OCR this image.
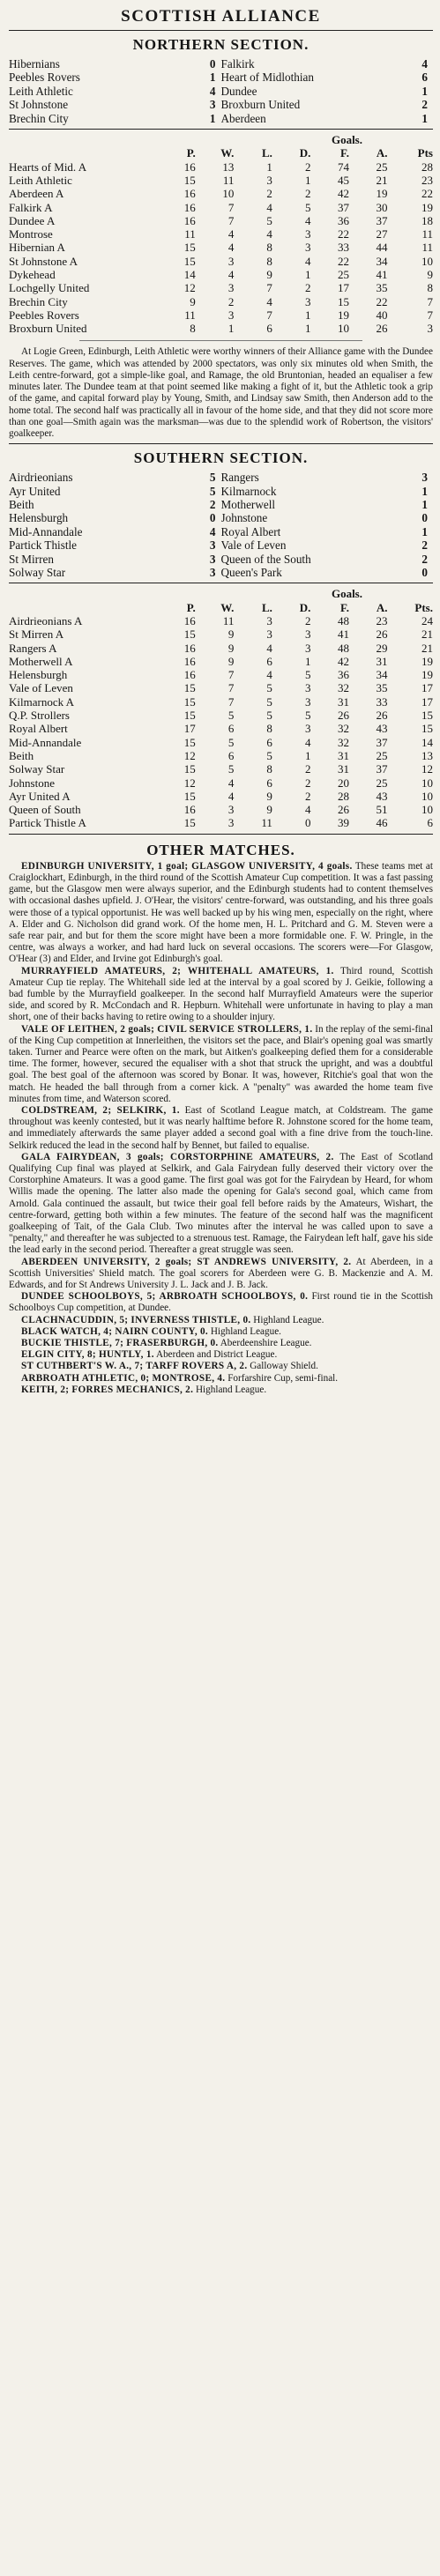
SCOTTISH ALLIANCE
NORTHERN SECTION.
Hibernians	0 Falkirk	4
Peebles Rovers	1 Heart of Midlothian	6
Leith Athletic	4 Dundee	1
St Johnstone	3 Broxburn United	2
Brechin City	1 Aberdeen	1
Goals.
P.	W.	L.	D.	F.	A.	Pts
Hearts of Mid. A	16	13	1	2	74	25	28
Leith Athletic	15	11	3	1	45	21	23
Aberdeen A	16	10	2	2	42	19	22
Falkirk A	16	7	4	5	37	30	19
Dundee A	16	7	5	4	36	37	18
Montrose	11	4	4	3	22	27	11
Hibernian A	15	4	8	3	33	44	11
St Johnstone A	15	3	8	4	22	34	10
Dykehead	14	4	9	1	25	41	9
Lochgelly United	12	3	7	2	17	35	8
Brechin City	9	2	4	3	15	22	7
Peebles Rovers	11	3	7	1	19	40	7
Broxburn United	8	1	6	1	10	26	3

At Logie Green, Edinburgh, Leith Athletic were worthy winners of their Alliance game with the Dundee Reserves. The game, which was attended by 2000 spectators, was only six minutes old when Smith, the Leith centre-forward, got a simple-like goal, and Ramage, the old Bruntonian, headed an equaliser a few minutes later. The Dundee team at that point seemed like making a fight of it, but the Athletic took a grip of the game, and capital forward play by Young, Smith, and Lindsay saw Smith, then Anderson add to the home total. The second half was practically all in favour of the home side, and that they did not score more than one goal—Smith again was the marksman—was due to the splendid work of Robertson, the visitors' goalkeeper.

SOUTHERN SECTION.
Airdrieonians	5 Rangers	3
Ayr United	5 Kilmarnock	1
Beith	2 Motherwell	1
Helensburgh	0 Johnstone	0
Mid-Annandale	4 Royal Albert	1
Partick Thistle	3 Vale of Leven	2
St Mirren	3 Queen of the South	2
Solway Star	3 Queen's Park	0
Goals.
P.	W.	L.	D.	F.	A.	Pts.
Airdrieonians A	16	11	3	2	48	23	24
St Mirren A	15	9	3	3	41	26	21
Rangers A	16	9	4	3	48	29	21
Motherwell A	16	9	6	1	42	31	19
Helensburgh	16	7	4	5	36	34	19
Vale of Leven	15	7	5	3	32	35	17
Kilmarnock A	15	7	5	3	31	33	17
Q.P. Strollers	15	5	5	5	26	26	15
Royal Albert	17	6	8	3	32	43	15
Mid-Annandale	15	5	6	4	32	37	14
Beith	12	6	5	1	31	25	13
Solway Star	15	5	8	2	31	37	12
Johnstone	12	4	6	2	20	25	10
Ayr United A	15	4	9	2	28	43	10
Queen of South	16	3	9	4	26	51	10
Partick Thistle A	15	3	11	0	39	46	6
OTHER MATCHES.

EDINBURGH UNIVERSITY, 1 goal; GLASGOW UNIVERSITY, 4 goals. These teams met at Craiglockhart, Edinburgh, in the third round of the Scottish Amateur Cup competition. It was a fast passing game, but the Glasgow men were always superior, and the Edinburgh students had to content themselves with occasional dashes upfield. J. O'Hear, the visitors' centre-forward, was outstanding, and his three goals were those of a typical opportunist. He was well backed up by his wing men, especially on the right, where A. Elder and G. Nicholson did grand work. Of the home men, H. L. Pritchard and G. M. Steven were a safe rear pair, and but for them the score might have been a more formidable one. F. W. Pringle, in the centre, was always a worker, and had hard luck on several occasions. The scorers were—For Glasgow, O'Hear (3) and Elder, and Irvine got Edinburgh's goal.

MURRAYFIELD AMATEURS, 2; WHITEHALL AMATEURS, 1. Third round, Scottish Amateur Cup tie replay. The Whitehall side led at the interval by a goal scored by J. Geikie, following a bad fumble by the Murrayfield goalkeeper. In the second half Murrayfield Amateurs were the superior side, and scored by R. McCondach and R. Hepburn. Whitehall were unfortunate in having to play a man short, one of their backs having to retire owing to a shoulder injury.

VALE OF LEITHEN, 2 goals; CIVIL SERVICE STROLLERS, 1. In the replay of the semi-final of the King Cup competition at Innerleithen, the visitors set the pace, and Blair's opening goal was smartly taken. Turner and Pearce were often on the mark, but Aitken's goalkeeping defied them for a considerable time. The former, however, secured the equaliser with a shot that struck the upright, and was a doubtful goal. The best goal of the afternoon was scored by Bonar. It was, however, Ritchie's goal that won the match. He headed the ball through from a corner kick. A "penalty" was awarded the home team five minutes from time, and Waterson scored.

COLDSTREAM, 2; SELKIRK, 1. East of Scotland League match, at Coldstream. The game throughout was keenly contested, but it was nearly halftime before R. Johnstone scored for the home team, and immediately afterwards the same player added a second goal with a fine drive from the touch-line. Selkirk reduced the lead in the second half by Bennet, but failed to equalise.

GALA FAIRYDEAN, 3 goals; CORSTORPHINE AMATEURS, 2. The East of Scotland Qualifying Cup final was played at Selkirk, and Gala Fairydean fully deserved their victory over the Corstorphine Amateurs. It was a good game. The first goal was got for the Fairydean by Heard, for whom Willis made the opening. The latter also made the opening for Gala's second goal, which came from Arnold. Gala continued the assault, but twice their goal fell before raids by the Amateurs, Wishart, the centre-forward, getting both within a few minutes. The feature of the second half was the magnificent goalkeeping of Tait, of the Gala Club. Two minutes after the interval he was called upon to save a "penalty," and thereafter he was subjected to a strenuous test. Ramage, the Fairydean left half, gave his side the lead early in the second period. Thereafter a great struggle was seen.

ABERDEEN UNIVERSITY, 2 goals; ST ANDREWS UNIVERSITY, 2. At Aberdeen, in a Scottish Universities' Shield match. The goal scorers for Aberdeen were G. B. Mackenzie and A. M. Edwards, and for St Andrews University J. L. Jack and J. B. Jack.

DUNDEE SCHOOLBOYS, 5; ARBROATH SCHOOLBOYS, 0. First round tie in the Scottish Schoolboys Cup competition, at Dundee.

CLACHNACUDDIN, 5; INVERNESS THISTLE, 0. Highland League.

BLACK WATCH, 4; NAIRN COUNTY, 0. Highland League.

BUCKIE THISTLE, 7; FRASERBURGH, 0. Aberdeenshire League.

ELGIN CITY, 8; HUNTLY, 1. Aberdeen and District League.

ST CUTHBERT'S W. A., 7; TARFF ROVERS A, 2. Galloway Shield.

ARBROATH ATHLETIC, 0; MONTROSE, 4. Forfarshire Cup, semi-final.

KEITH, 2; FORRES MECHANICS, 2. Highland League.
